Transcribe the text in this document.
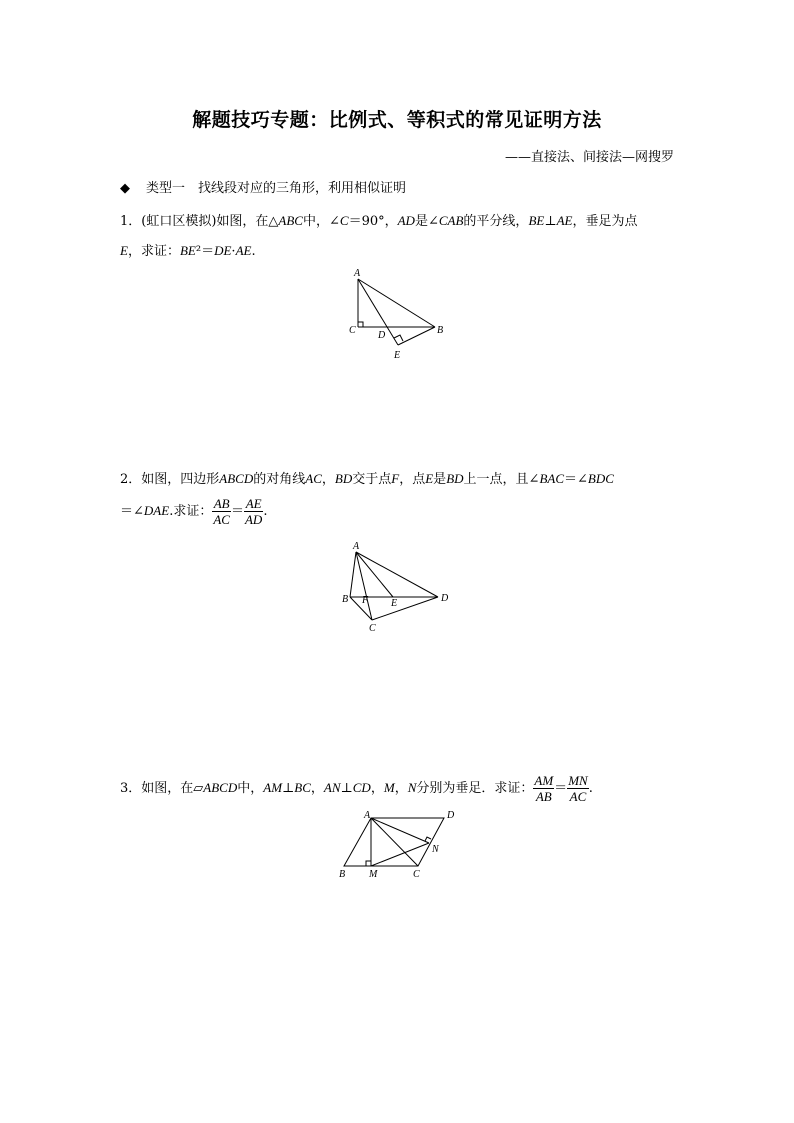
解题技巧专题：比例式、等积式的常见证明方法
——直接法、间接法—网搜罗
◆ 类型一　找线段对应的三角形，利用相似证明
1．(虹口区模拟)如图，在△ABC中，∠C＝90°，AD是∠CAB的平分线，BE⊥AE，垂足为点
E，求证：BE²＝DE·AE.
A
C D	B
E
2．如图，四边形ABCD的对角线AC，BD交于点F，点E是BD上一点，且∠BAC＝∠BDC
＝∠DAE.求证： $\frac{AB}{AC} = \frac{AE}{AD}$ .
A
B F E	D
C
3．如图，在▱ABCD中，AM⊥BC，AN⊥CD，M，N分别为垂足．求证： $\frac{AM}{AB} = \frac{MN}{AC}$ .
A	D
N
B M	C
